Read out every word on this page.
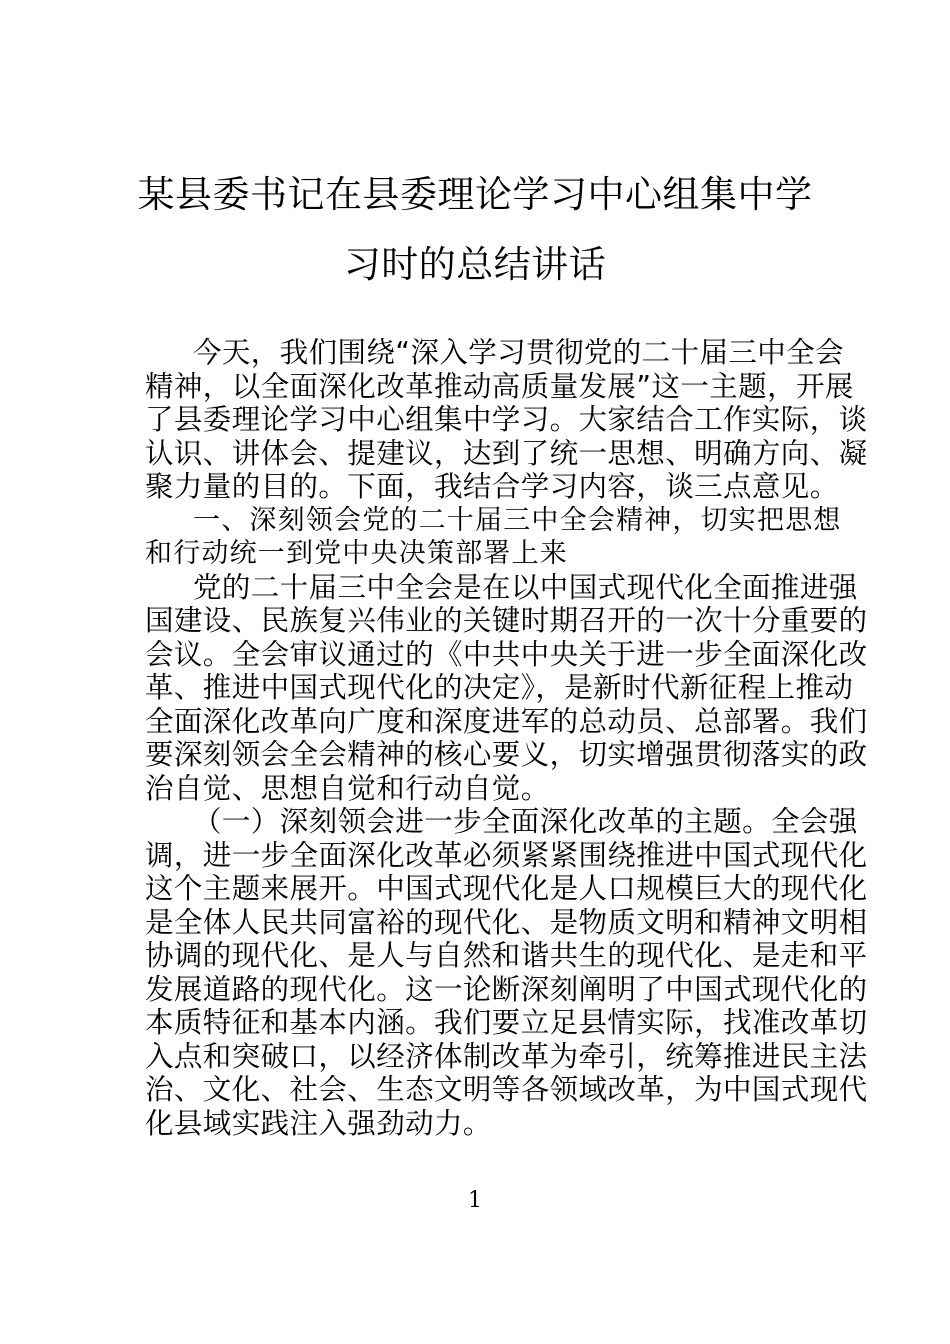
某县委书记在县委理论学习中心组集中学
习时的总结讲话
今天，我们围绕“深入学习贯彻党的二十届三中全会
精神，以全面深化改革推动高质量发展”这一主题，开展
了县委理论学习中心组集中学习。大家结合工作实际，谈
认识、讲体会、提建议，达到了统一思想、明确方向、凝
聚力量的目的。下面，我结合学习内容，谈三点意见。
一、深刻领会党的二十届三中全会精神，切实把思想
和行动统一到党中央决策部署上来
党的二十届三中全会是在以中国式现代化全面推进强
国建设、民族复兴伟业的关键时期召开的一次十分重要的
会议。全会审议通过的《中共中央关于进一步全面深化改
革、推进中国式现代化的决定》，是新时代新征程上推动
全面深化改革向广度和深度进军的总动员、总部署。我们
要深刻领会全会精神的核心要义，切实增强贯彻落实的政
治自觉、思想自觉和行动自觉。
（一）深刻领会进一步全面深化改革的主题。全会强
调，进一步全面深化改革必须紧紧围绕推进中国式现代化
这个主题来展开。中国式现代化是人口规模巨大的现代化
是全体人民共同富裕的现代化、是物质文明和精神文明相
协调的现代化、是人与自然和谐共生的现代化、是走和平
发展道路的现代化。这一论断深刻阐明了中国式现代化的
本质特征和基本内涵。我们要立足县情实际，找准改革切
入点和突破口，以经济体制改革为牵引，统筹推进民主法
治、文化、社会、生态文明等各领域改革，为中国式现代
化县域实践注入强劲动力。
1
